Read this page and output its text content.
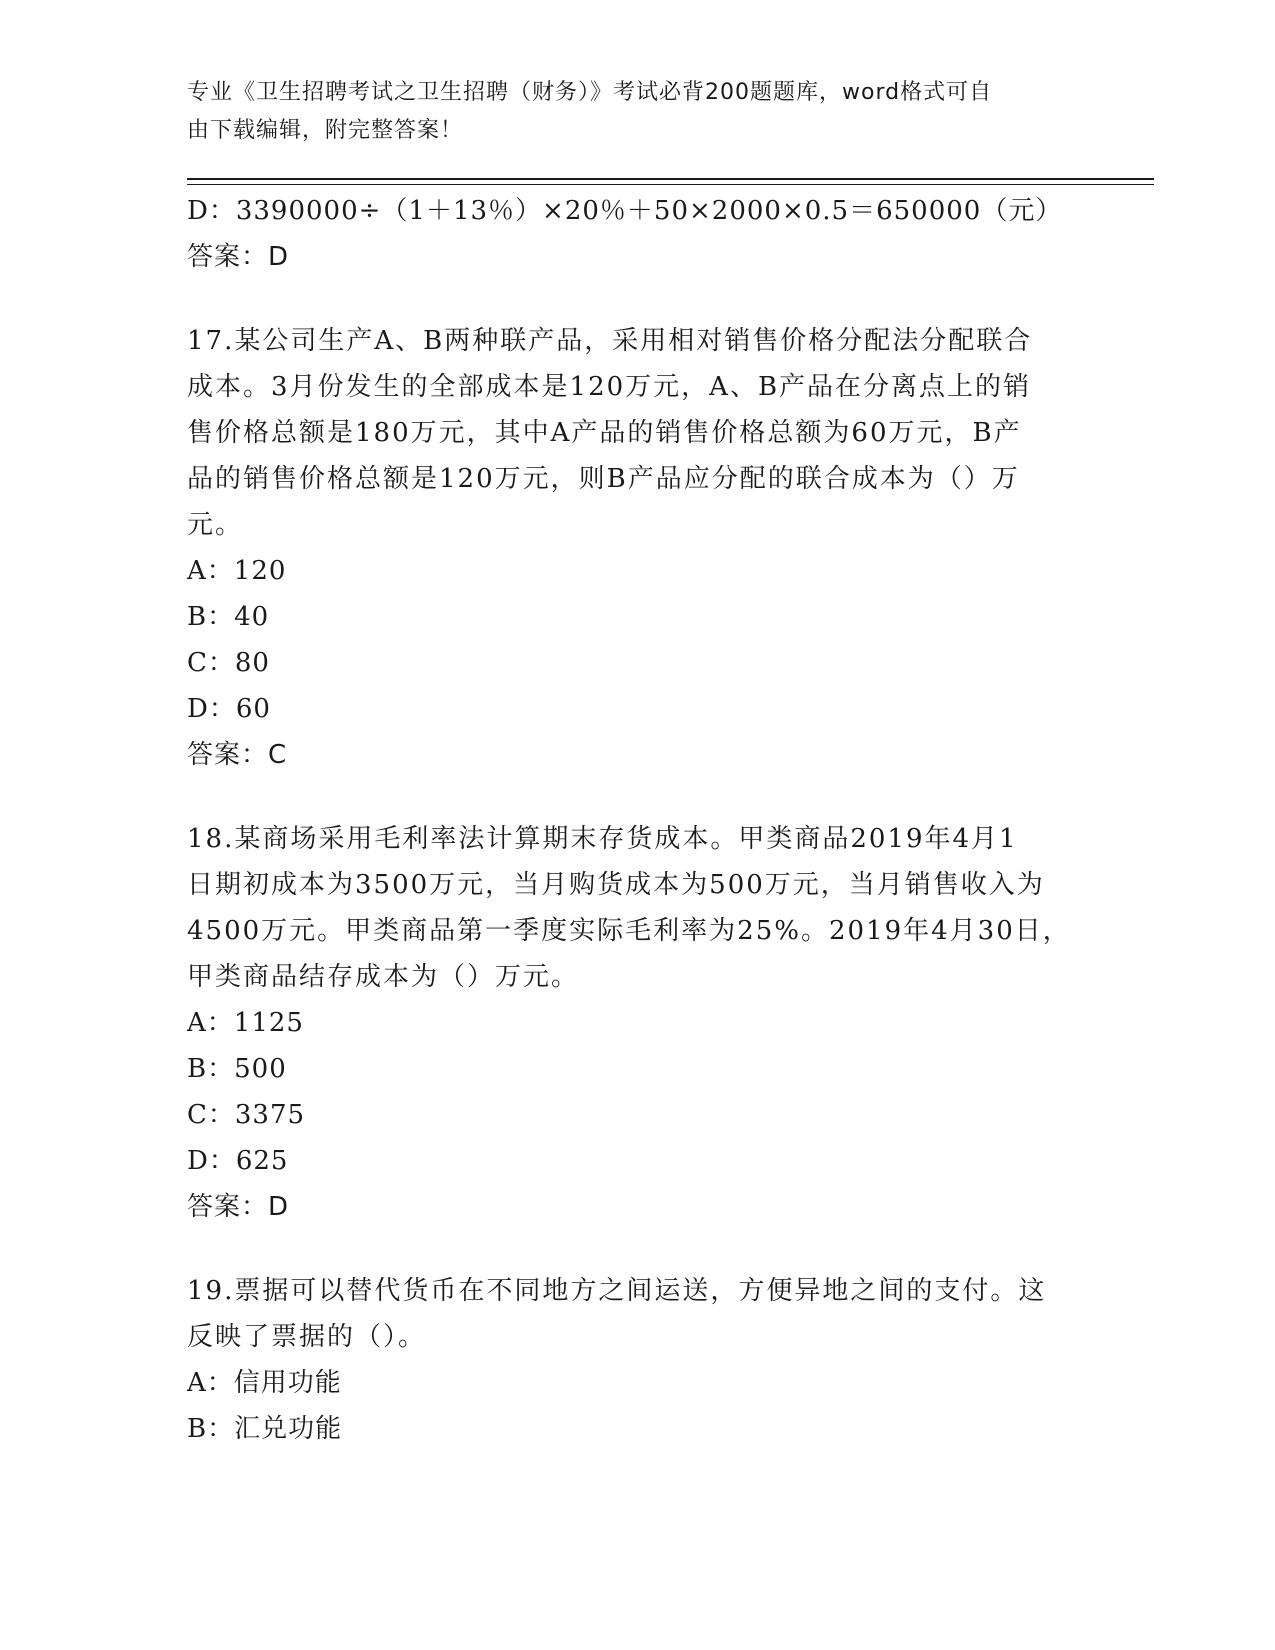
专业《卫生招聘考试之卫生招聘（财务）》考试必背200题题库，word格式可自
由下载编辑，附完整答案！
D：3390000÷（1＋13％）×20％＋50×2000×0.5＝650000（元）
答案：D
17.某公司生产A、B两种联产品，采用相对销售价格分配法分配联合
成本。3月份发生的全部成本是120万元，A、B产品在分离点上的销
售价格总额是180万元，其中A产品的销售价格总额为60万元，B产
品的销售价格总额是120万元，则B产品应分配的联合成本为（）万
元。
A：120
B：40
C：80
D：60
答案：C
18.某商场采用毛利率法计算期末存货成本。甲类商品2019年4月1
日期初成本为3500万元，当月购货成本为500万元，当月销售收入为
4500万元。甲类商品第一季度实际毛利率为25%。2019年4月30日，
甲类商品结存成本为（）万元。
A：1125
B：500
C：3375
D：625
答案：D
19.票据可以替代货币在不同地方之间运送，方便异地之间的支付。这
反映了票据的（）。
A：信用功能
B：汇兑功能
